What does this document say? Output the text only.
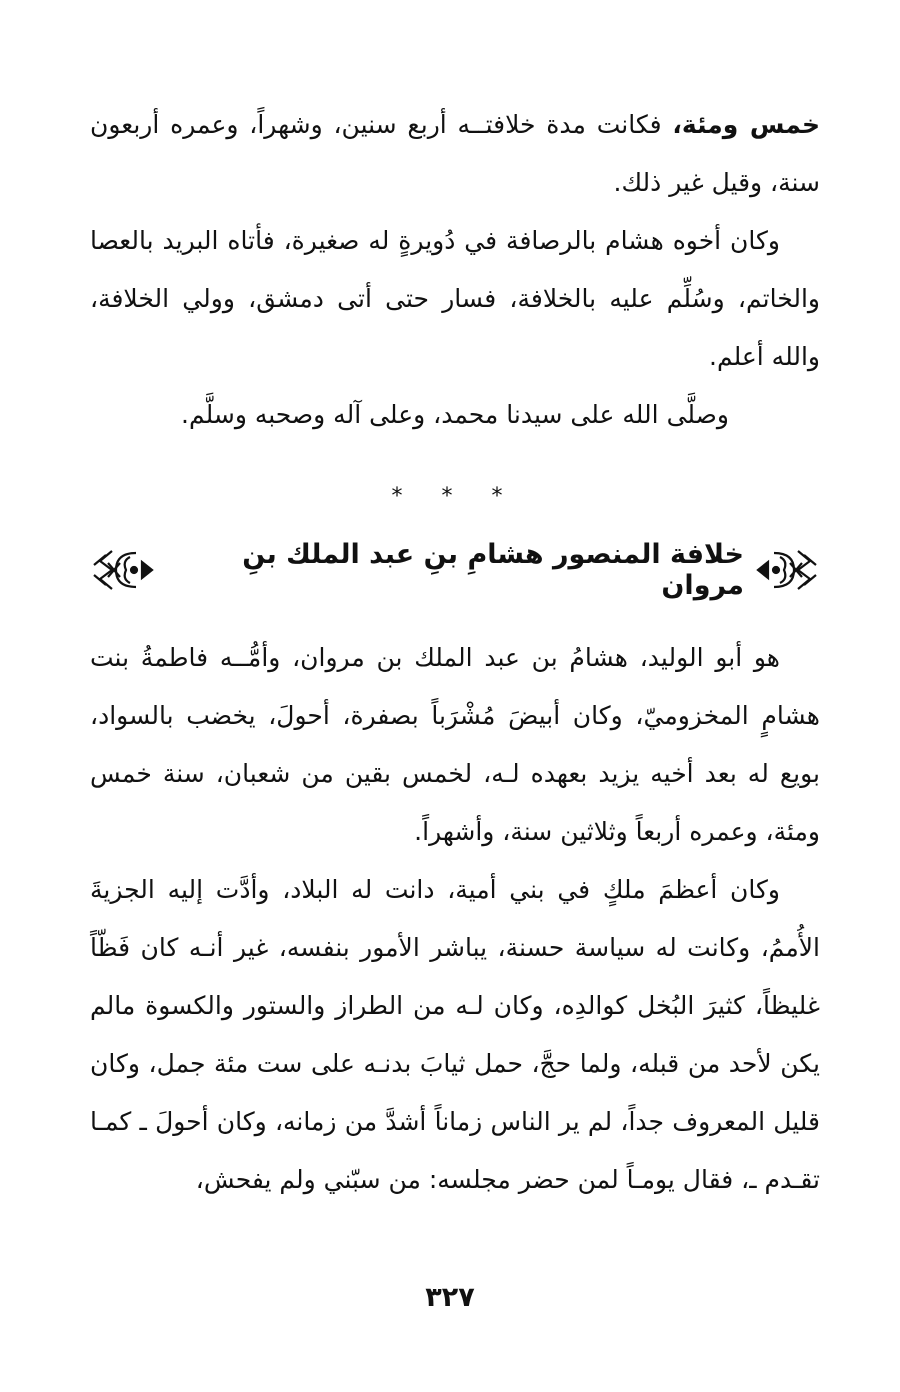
خمس ومئة، فكانت مدة خلافتــه أربع سنين، وشهراً، وعمره أربعون سنة، وقيل غير ذلك.

وكان أخوه هشام بالرصافة في دُويرةٍ له صغيرة، فأتاه البريد بالعصا والخاتم، وسُلِّم عليه بالخلافة، فسار حتى أتى دمشق، وولي الخلافة، والله أعلم.

وصلَّى الله على سيدنا محمد، وعلى آله وصحبه وسلَّم.

* * *
خلافة المنصور هشامِ بنِ عبد الملك بنِ مروان

هو أبو الوليد، هشامُ بن عبد الملك بن مروان، وأمُّــه فاطمةُ بنت هشامٍ المخزوميّ، وكان أبيضَ مُشْرَباً بصفرة، أحولَ، يخضب بالسواد، بويع له بعد أخيه يزيد بعهده لـه، لخمس بقين من شعبان، سنة خمس ومئة، وعمره أربعاً وثلاثين سنة، وأشهراً.

وكان أعظمَ ملكٍ في بني أمية، دانت له البلاد، وأدَّت إليه الجزيةَ الأُممُ، وكانت له سياسة حسنة، يباشر الأمور بنفسه، غير أنـه كان فَظّاً غليظاً، كثيرَ البُخل كوالدِه، وكان لـه من الطراز والستور والكسوة مالم يكن لأحد من قبله، ولما حجَّ، حمل ثيابَ بدنـه على ست مئة جمل، وكان قليل المعروف جداً، لم ير الناس زماناً أشدَّ من زمانه، وكان أحولَ ـ كمـا تقـدم ـ، فقال يومـاً لمن حضر مجلسه: من سبّني ولم يفحش،

٣٢٧
